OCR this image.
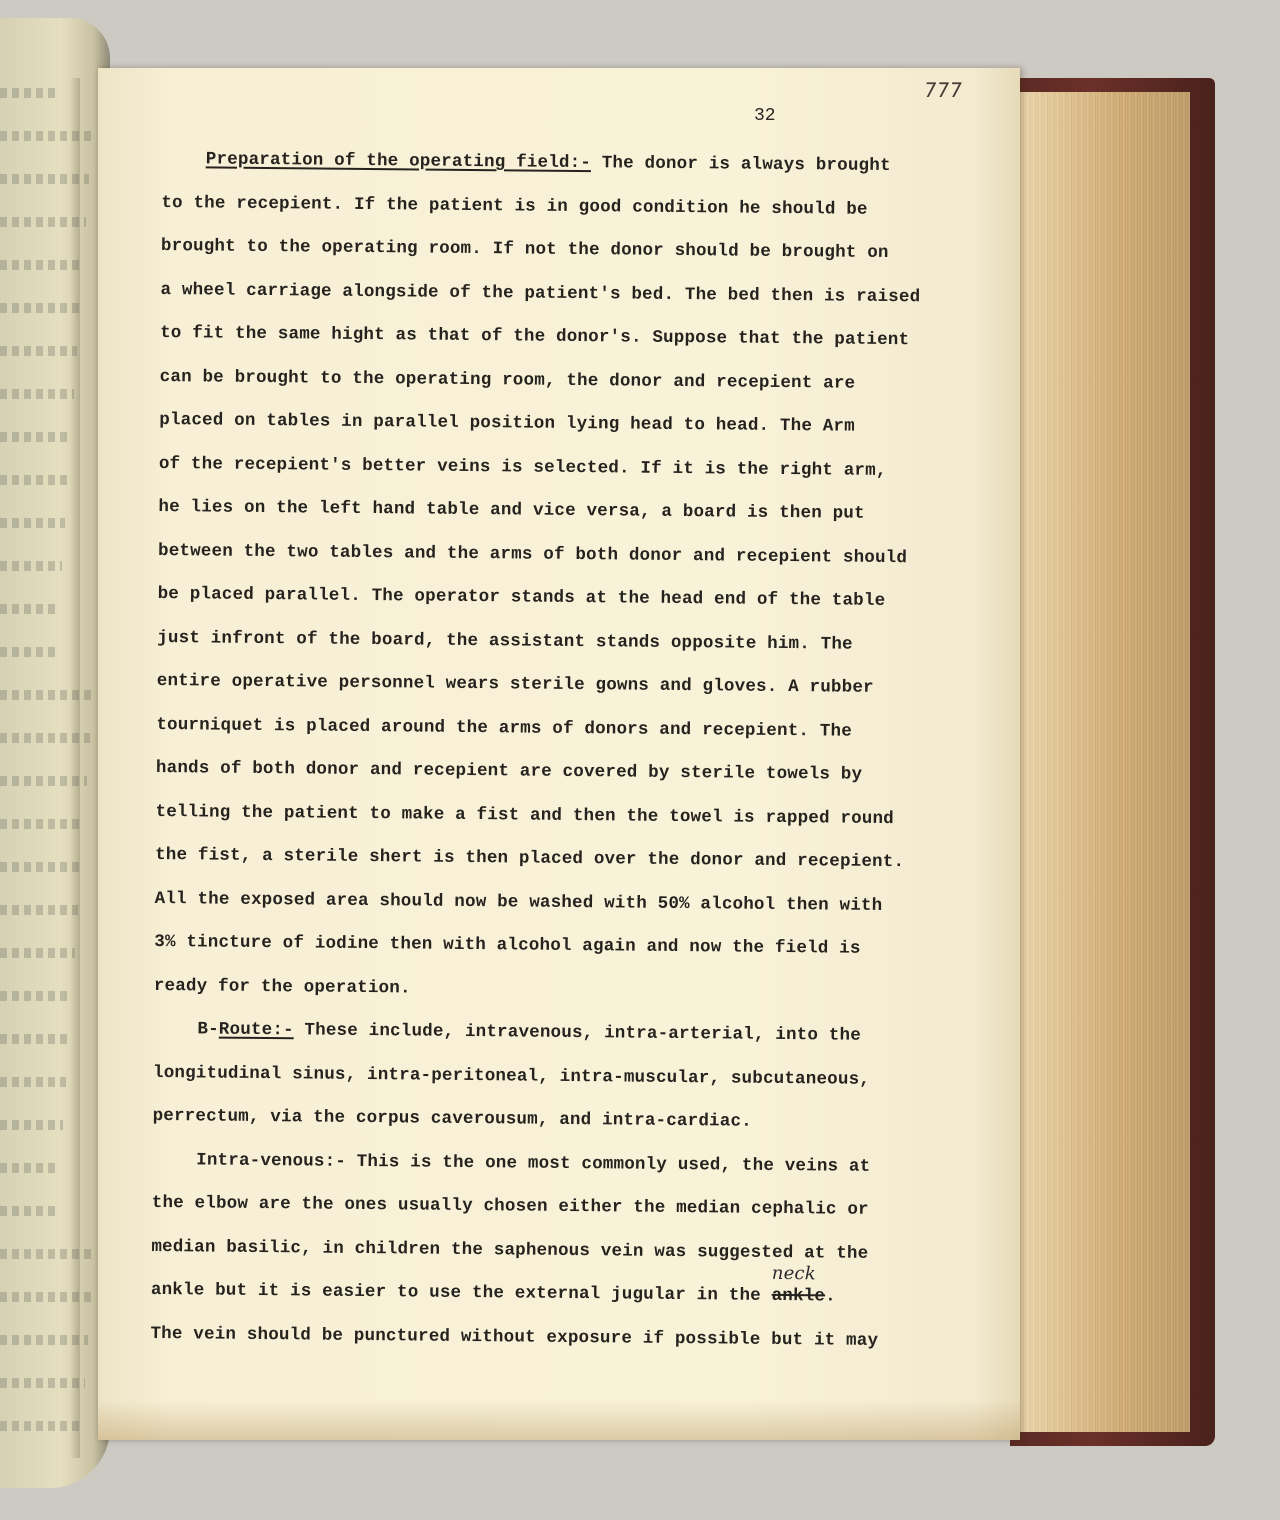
777
32
Preparation of the operating field:- The donor is always brought
to the recepient. If the patient is in good condition he should be
brought to the operating room. If not the donor should be brought on
a wheel carriage alongside of the patient's bed. The bed then is raised
to fit the same hight as that of the donor's. Suppose that the patient
can be brought to the operating room, the donor and recepient are
placed on tables in parallel position lying head to head. The Arm
of the recepient's better veins is selected. If it is the right arm,
he lies on the left hand table and vice versa, a board is then put
between the two tables and the arms of both donor and recepient should
be placed parallel. The operator stands at the head end of the table
just infront of the board, the assistant stands opposite him. The
entire operative personnel wears sterile gowns and gloves. A rubber
tourniquet is placed around the arms of donors and recepient. The
hands of both donor and recepient are covered by sterile towels by
telling the patient to make a fist and then the towel is rapped round
the fist, a sterile shert is then placed over the donor and recepient.
All the exposed area should now be washed with 50% alcohol then with
3% tincture of iodine then with alcohol again and now the field is
ready for the operation.
B-Route:- These include, intravenous, intra-arterial, into the
longitudinal sinus, intra-peritoneal, intra-muscular, subcutaneous,
perrectum, via the corpus caverousum, and intra-cardiac.
Intra-venous:- This is the one most commonly used, the veins at
the elbow are the ones usually chosen either the median cephalic or
median basilic, in children the saphenous vein was suggested at the
ankle but it is easier to use the external jugular in the ankle
neck
.
The vein should be punctured without exposure if possible but it may
